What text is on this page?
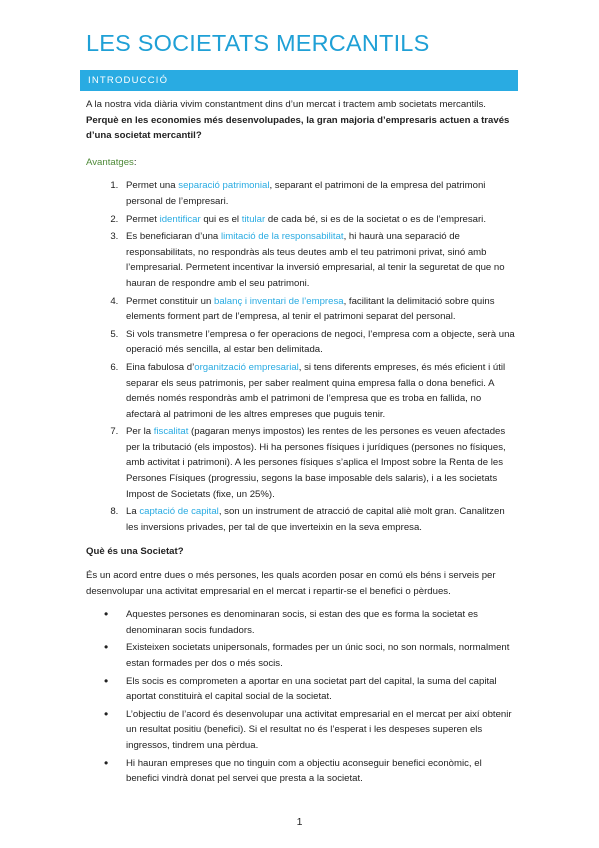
LES SOCIETATS MERCANTILS
INTRODUCCIÓ

A la nostra vida diària vivim constantment dins d’un mercat i tractem amb societats mercantils.

Perquè en les economies més desenvolupades, la gran majoria d’empresaris actuen a través d’una societat mercantil?

Avantatges:

1. Permet una separació patrimonial, separant el patrimoni de la empresa del patrimoni personal de l’empresari.
2. Permet identificar qui es el titular de cada bé, si es de la societat o es de l’empresari.
3. Es beneficiaran d’una limitació de la responsabilitat, hi haurà una separació de responsabilitats, no respondràs als teus deutes amb el teu patrimoni privat, sinó amb l’empresarial. Permetent incentivar la inversió empresarial, al tenir la seguretat de que no hauran de respondre amb el seu patrimoni.
4. Permet constituir un balanç i inventari de l’empresa, facilitant la delimitació sobre quins elements forment part de l’empresa, al tenir el patrimoni separat del personal.
5. Si vols transmetre l’empresa o fer operacions de negoci, l’empresa com a objecte, serà una operació més sencilla, al estar ben delimitada.
6. Eina fabulosa d’organització empresarial, si tens diferents empreses, és més eficient i útil separar els seus patrimonis, per saber realment quina empresa falla o dona benefici. A demés només respondràs amb el patrimoni de l’empresa que es troba en fallida, no afectarà al patrimoni de les altres empreses que puguis tenir.
7. Per la fiscalitat (pagaran menys impostos) les rentes de les persones es veuen afectades per la tributació (els impostos). Hi ha persones físiques i jurídiques (persones no físiques, amb activitat i patrimoni). A les persones físiques s’aplica el Impost sobre la Renta de les Persones Físiques (progressiu, segons la base imposable dels salaris), i a les societats Impost de Societats (fixe, un 25%).
8. La captació de capital, son un instrument de atracció de capital aliè molt gran. Canalitzen les inversions privades, per tal de que inverteixin en la seva empresa.

Què és una Societat?

És un acord entre dues o més persones, les quals acorden posar en comú els béns i serveis per desenvolupar una activitat empresarial en el mercat i repartir-se el benefici o pèrdues.

• Aquestes persones es denominaran socis, si estan des que es forma la societat es denominaran socis fundadors.
• Existeixen societats unipersonals, formades per un únic soci, no son normals, normalment estan formades per dos o més socis.
• Els socis es comprometen a aportar en una societat part del capital, la suma del capital aportat constituirà el capital social de la societat.
• L’objectiu de l’acord és desenvolupar una activitat empresarial en el mercat per així obtenir un resultat positiu (benefici). Si el resultat no és l’esperat i les despeses superen els ingressos, tindrem una pèrdua.
• Hi hauran empreses que no tinguin com a objectiu aconseguir benefici econòmic, el benefici vindrà donat pel servei que presta a la societat.
1
